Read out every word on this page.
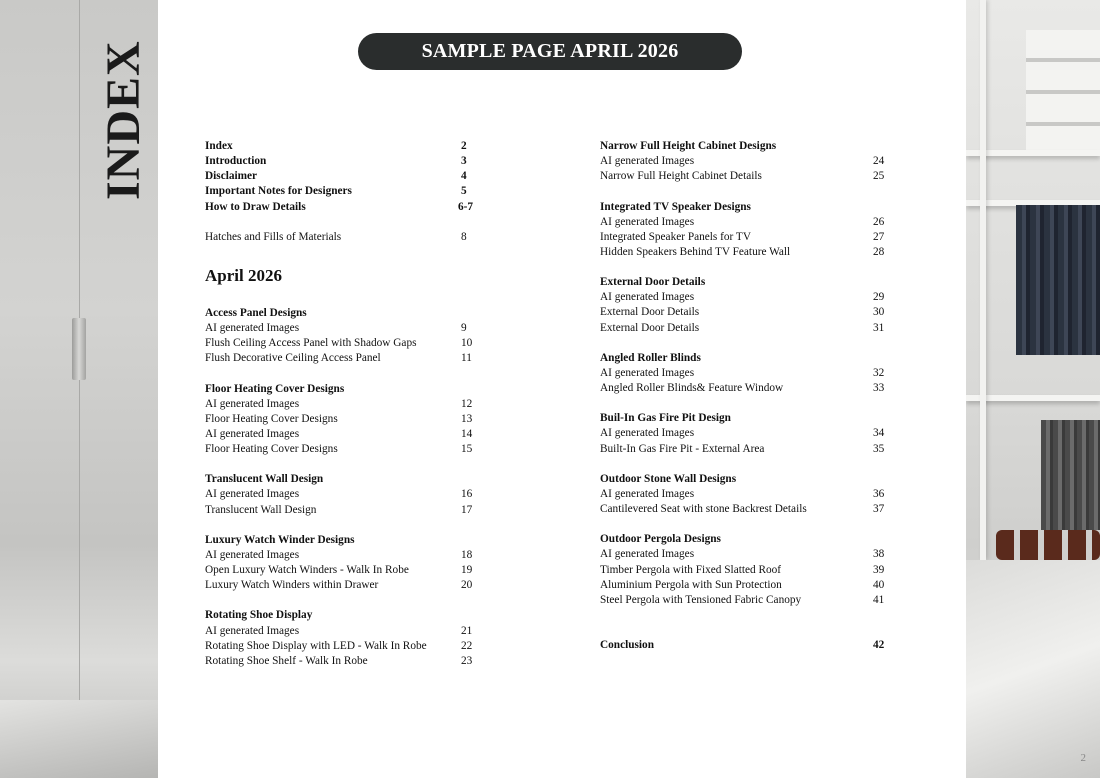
INDEX
2
SAMPLE PAGE APRIL 2026
Index	2
Introduction	3
Disclaimer	4
Important Notes for Designers	5
How to Draw Details	6-7
Hatches and Fills of Materials	8
April 2026
Access Panel Designs
AI generated Images	9
Flush Ceiling Access Panel with Shadow Gaps	10
Flush Decorative Ceiling Access Panel	11
Floor Heating Cover Designs
AI generated Images	12
Floor Heating Cover Designs	13
AI generated Images	14
Floor Heating Cover Designs	15
Translucent Wall Design
AI generated Images	16
Translucent Wall Design	17
Luxury Watch Winder Designs
AI generated Images	18
Open Luxury Watch Winders - Walk In Robe	19
Luxury Watch Winders within Drawer	20
Rotating Shoe Display
AI generated Images	21
Rotating Shoe Display with LED - Walk In Robe	22
Rotating Shoe Shelf - Walk In Robe	23
Narrow Full Height Cabinet Designs
AI generated Images	24
Narrow Full Height Cabinet Details	25
Integrated TV Speaker Designs
AI generated Images	26
Integrated Speaker Panels for TV	27
Hidden Speakers Behind TV Feature Wall	28
External Door Details
AI generated Images	29
External Door Details	30
External Door Details	31
Angled Roller Blinds
AI generated Images	32
Angled Roller Blinds& Feature Window	33
Buil-In Gas Fire Pit Design
AI generated Images	34
Built-In Gas Fire Pit - External Area	35
Outdoor Stone Wall Designs
AI generated Images	36
Cantilevered Seat with stone Backrest Details	37
Outdoor Pergola Designs
AI generated Images	38
Timber Pergola with Fixed Slatted Roof	39
Aluminium Pergola with Sun Protection	40
Steel Pergola with Tensioned Fabric Canopy	41
Conclusion	42
